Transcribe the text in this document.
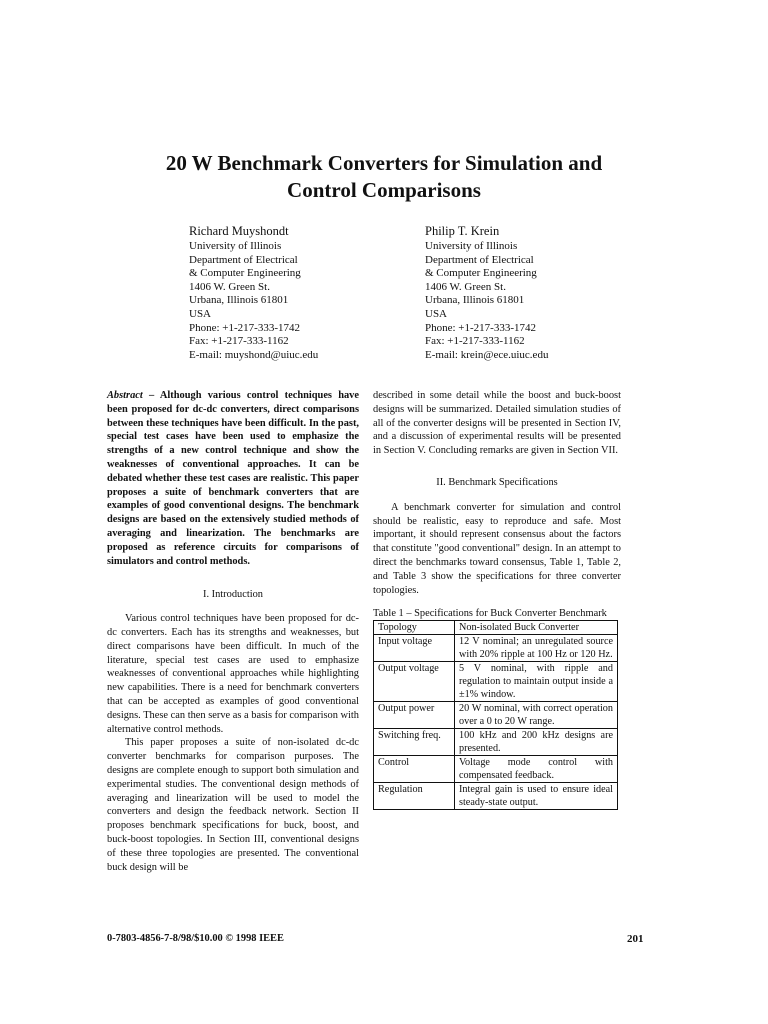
20 W Benchmark Converters for Simulation and
Control Comparisons
Richard Muyshondt
University of Illinois
Department of Electrical
& Computer Engineering
1406 W. Green St.
Urbana, Illinois 61801
USA
Phone: +1-217-333-1742
Fax: +1-217-333-1162
E-mail: muyshond@uiuc.edu
Philip T. Krein
University of Illinois
Department of Electrical
& Computer Engineering
1406 W. Green St.
Urbana, Illinois 61801
USA
Phone: +1-217-333-1742
Fax: +1-217-333-1162
E-mail: krein@ece.uiuc.edu

Abstract – Although various control techniques have been proposed for dc-dc converters, direct comparisons between these techniques have been difficult. In the past, special test cases have been used to emphasize the strengths of a new control technique and show the weaknesses of conventional approaches. It can be debated whether these test cases are realistic. This paper proposes a suite of benchmark converters that are examples of good conventional designs. The benchmark designs are based on the extensively studied methods of averaging and linearization. The benchmarks are proposed as reference circuits for comparisons of simulators and control methods.

I. Introduction

Various control techniques have been proposed for dc-dc converters. Each has its strengths and weaknesses, but direct comparisons have been difficult. In much of the literature, special test cases are used to emphasize weaknesses of conventional approaches while highlighting new capabilities. There is a need for benchmark converters that can be accepted as examples of good conventional designs. These can then serve as a basis for comparison with alternative control methods.

This paper proposes a suite of non-isolated dc-dc converter benchmarks for comparison purposes. The designs are complete enough to support both simulation and experimental studies. The conventional design methods of averaging and linearization will be used to model the converters and design the feedback network. Section II proposes benchmark specifications for buck, boost, and buck-boost topologies. In Section III, conventional designs of these three topologies are presented. The conventional buck design will be

described in some detail while the boost and buck-boost designs will be summarized. Detailed simulation studies of all of the converter designs will be presented in Section IV, and a discussion of experimental results will be presented in Section V. Concluding remarks are given in Section VII.

II. Benchmark Specifications

A benchmark converter for simulation and control should be realistic, easy to reproduce and safe. Most important, it should represent consensus about the factors that constitute "good conventional" design. In an attempt to direct the benchmarks toward consensus, Table 1, Table 2, and Table 3 show the specifications for three converter topologies.

Table 1 – Specifications for Buck Converter Benchmark

Topology	Non-isolated Buck Converter
Input voltage	12 V nominal; an unregulated source with 20% ripple at 100 Hz or 120 Hz.
Output voltage	5 V nominal, with ripple and regulation to maintain output inside a ±1% window.
Output power	20 W nominal, with correct operation over a 0 to 20 W range.
Switching freq.	100 kHz and 200 kHz designs are presented.
Control	Voltage mode control with compensated feedback.
Regulation	Integral gain is used to ensure ideal steady-state output.
0-7803-4856-7-8/98/$10.00 © 1998 IEEE	201
